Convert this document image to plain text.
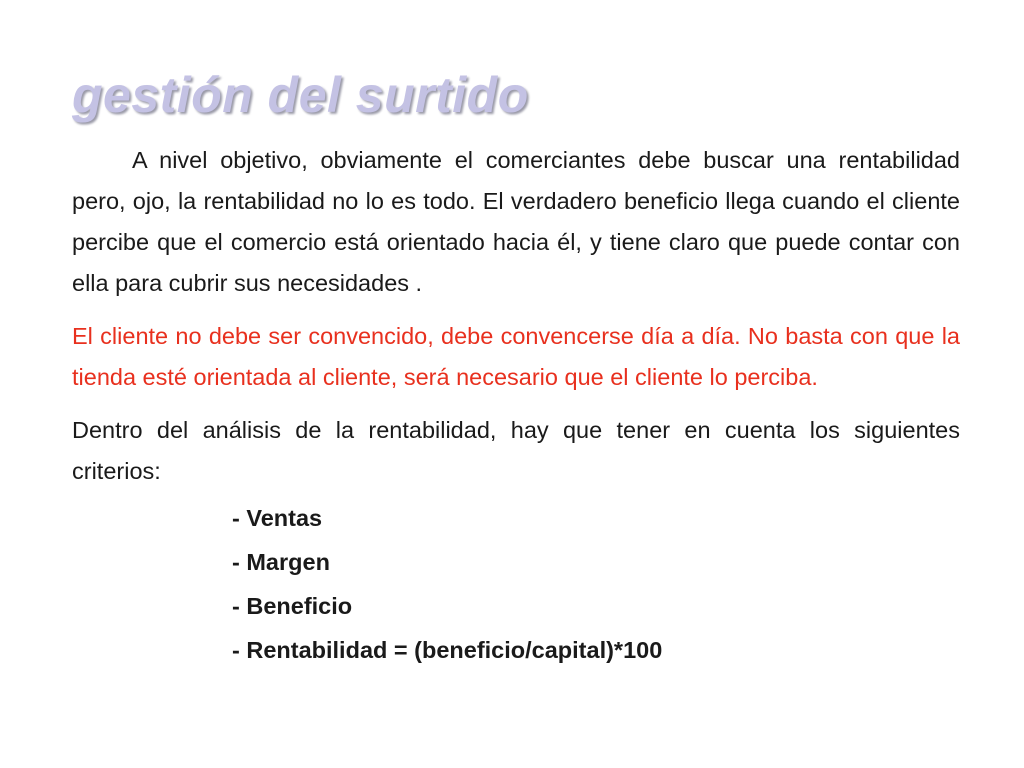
gestión del surtido

A nivel objetivo, obviamente el comerciantes debe buscar una rentabilidad pero, ojo, la rentabilidad no lo es todo. El verdadero beneficio llega cuando el cliente percibe que el comercio está orientado hacia él, y tiene claro que puede contar con ella para cubrir sus necesidades .

El cliente no debe ser convencido, debe convencerse día a día. No basta con que la tienda esté orientada al cliente, será necesario que el cliente lo perciba.

Dentro del análisis de la rentabilidad, hay que tener en cuenta los siguientes criterios:

- Ventas
- Margen
- Beneficio
- Rentabilidad = (beneficio/capital)*100
